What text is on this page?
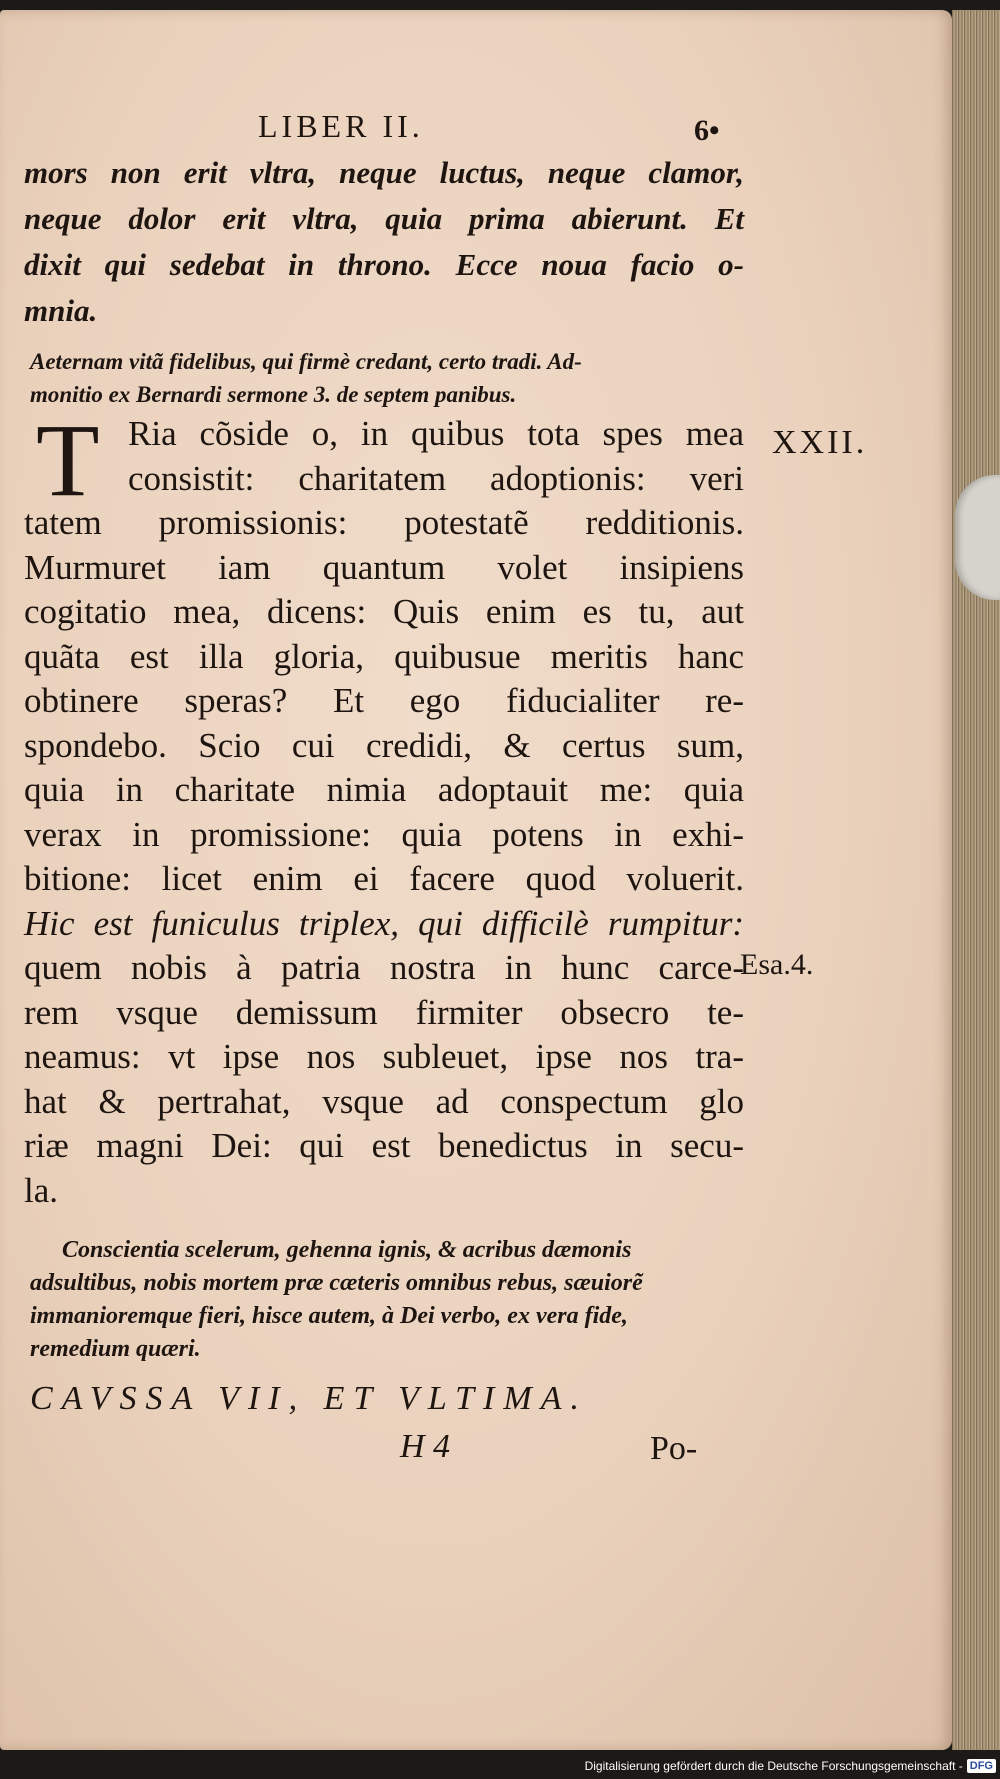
LIBER II.	6•
mors non erit vltra, neque luctus, neque clamor,
neque dolor erit vltra, quia prima abierunt. Et
dixit qui sedebat in throno. Ecce noua facio o-
mnia.
Aeternam vitã fidelibus, qui firmè credant, certo tradi. Ad-
monitio ex Bernardi sermone 3. de septem panibus.
T Ria cõside o, in quibus tota spes mea
consistit: charitatem adoptionis: veri
tatem promissionis: potestatẽ redditionis.
Murmuret iam quantum volet insipiens
cogitatio mea, dicens: Quis enim es tu, aut
quãta est illa gloria, quibusue meritis hanc
obtinere speras? Et ego fiducialiter re-
spondebo. Scio cui credidi, & certus sum,
quia in charitate nimia adoptauit me: quia
verax in promissione: quia potens in exhi-
bitione: licet enim ei facere quod voluerit.
Hic est funiculus triplex, qui difficilè rumpitur:
quem nobis à patria nostra in hunc carce-
rem vsque demissum firmiter obsecro te-
neamus: vt ipse nos subleuet, ipse nos tra-
hat & pertrahat, vsque ad conspectum glo
riæ magni Dei: qui est benedictus in secu-
la.
XXII.
Esa.4.
Conscientia scelerum, gehenna ignis, & acribus dæmonis
adsultibus, nobis mortem præ cæteris omnibus rebus, sæuiorẽ
immanioremque fieri, hisce autem, à Dei verbo, ex vera fide,
remedium quæri.
CAVSSA VII, ET VLTIMA.
H 4	Po-
Digitalisierung gefördert durch die Deutsche Forschungsgemeinschaft - DFG
